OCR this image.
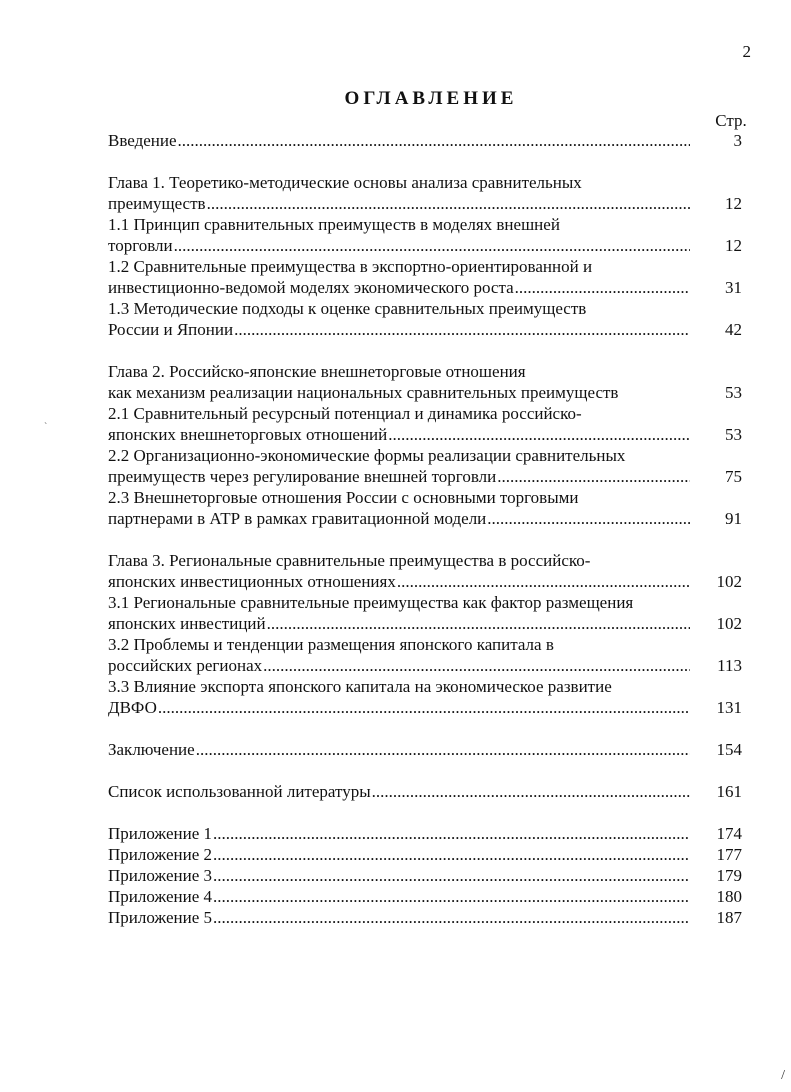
2
ОГЛАВЛЕНИЕ
Стр.
Введение .....	3
Глава 1. Теоретико-методические основы анализа сравнительных
преимуществ .....	12
1.1 Принцип сравнительных преимуществ в моделях внешней
торговли .....	12
1.2 Сравнительные преимущества в экспортно-ориентированной и
инвестиционно-ведомой моделях экономического роста .....	31
1.3 Методические подходы к оценке сравнительных преимуществ
России и Японии .....	42
Глава 2. Российско-японские внешнеторговые отношения
как механизм реализации национальных сравнительных преимуществ	53
2.1 Сравнительный ресурсный потенциал и динамика российско-
японских внешнеторговых отношений .....	53
2.2 Организационно-экономические формы реализации сравнительных
преимуществ через регулирование внешней торговли .....	75
2.3 Внешнеторговые отношения России с основными торговыми
партнерами в АТР в рамках гравитационной модели .....	91
Глава 3. Региональные сравнительные преимущества в российско-
японских инвестиционных отношениях .....	102
3.1 Региональные сравнительные преимущества как фактор размещения
японских инвестиций .....	102
3.2 Проблемы и тенденции размещения японского капитала в
российских регионах .....	113
3.3 Влияние экспорта японского капитала на экономическое развитие
ДВФО .....	131
Заключение .....	154
Список использованной литературы .....	161
Приложение 1 .....	174
Приложение 2 .....	177
Приложение 3 .....	179
Приложение 4 .....	180
Приложение 5 .....	187
`
/
